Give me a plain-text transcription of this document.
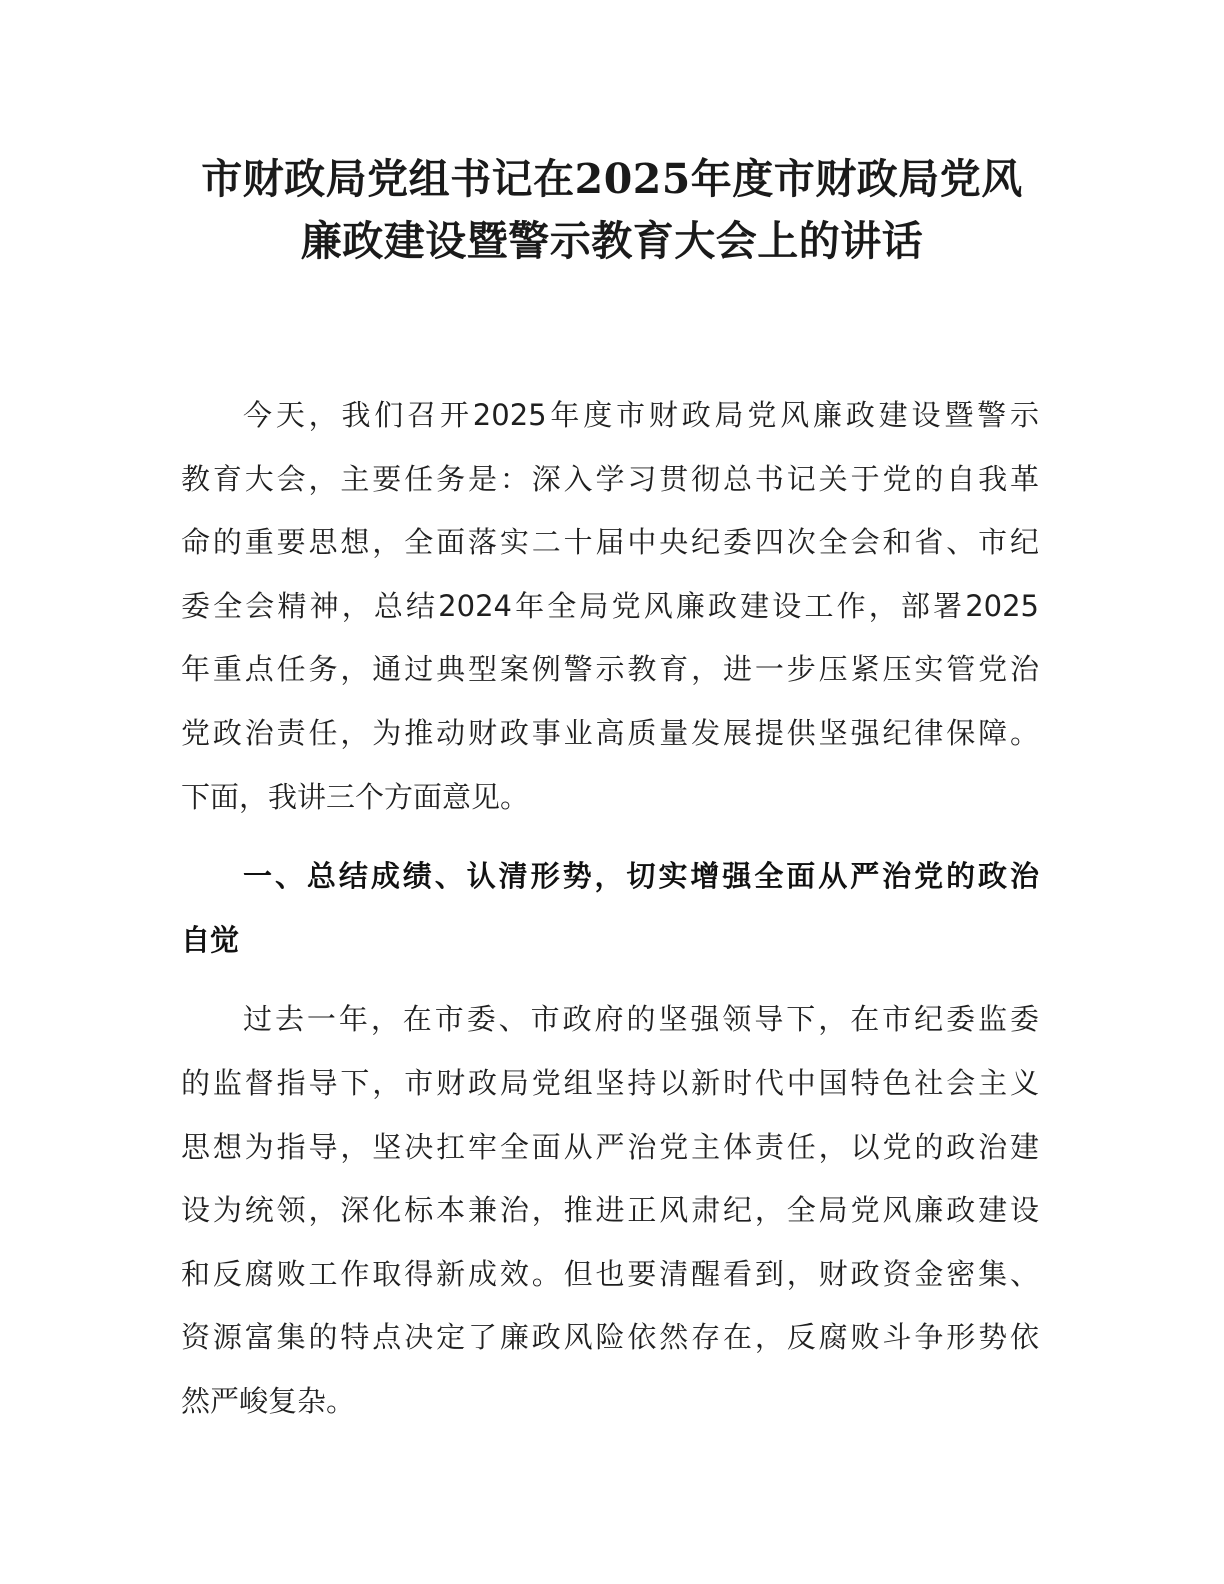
市财政局党组书记在2025年度市财政局党风
廉政建设暨警示教育大会上的讲话
今天，我们召开2025年度市财政局党风廉政建设暨警示
教育大会，主要任务是：深入学习贯彻总书记关于党的自我革
命的重要思想，全面落实二十届中央纪委四次全会和省、市纪
委全会精神，总结2024年全局党风廉政建设工作，部署2025
年重点任务，通过典型案例警示教育，进一步压紧压实管党治
党政治责任，为推动财政事业高质量发展提供坚强纪律保障。
下面，我讲三个方面意见。
一、总结成绩、认清形势，切实增强全面从严治党的政治
自觉
过去一年，在市委、市政府的坚强领导下，在市纪委监委
的监督指导下，市财政局党组坚持以新时代中国特色社会主义
思想为指导，坚决扛牢全面从严治党主体责任，以党的政治建
设为统领，深化标本兼治，推进正风肃纪，全局党风廉政建设
和反腐败工作取得新成效。但也要清醒看到，财政资金密集、
资源富集的特点决定了廉政风险依然存在，反腐败斗争形势依
然严峻复杂。
